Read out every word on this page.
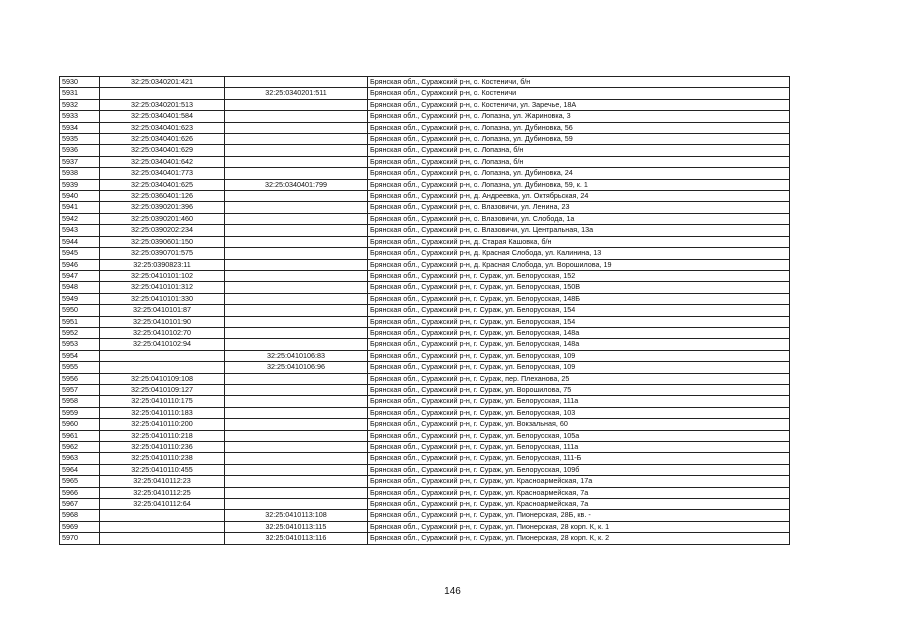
5930	32:25:0340201:421		Брянская обл., Суражский р-н, с. Костеничи, б/н
5931		32:25:0340201:511	Брянская обл., Суражский р-н, с. Костеничи
5932	32:25:0340201:513		Брянская обл., Суражский р-н, с. Костеничи, ул. Заречье, 18А
5933	32:25:0340401:584		Брянская обл., Суражский р-н, с. Лопазна, ул. Жариновка, 3
5934	32:25:0340401:623		Брянская обл., Суражский р-н, с. Лопазна, ул. Дубиновка, 56
5935	32:25:0340401:626		Брянская обл., Суражский р-н, с. Лопазна, ул. Дубиновка, 59
5936	32:25:0340401:629		Брянская обл., Суражский р-н, с. Лопазна, б/н
5937	32:25:0340401:642		Брянская обл., Суражский р-н, с. Лопазна, б/н
5938	32:25:0340401:773		Брянская обл., Суражский р-н, с. Лопазна, ул. Дубиновка, 24
5939	32:25:0340401:625	32:25:0340401:799	Брянская обл., Суражский р-н, с. Лопазна, ул. Дубиновка, 59, к. 1
5940	32:25:0360401:126		Брянская обл., Суражский р-н, д. Андреевка, ул. Октябрьская, 24
5941	32:25:0390201:396		Брянская обл., Суражский р-н, с. Влазовичи, ул. Ленина, 23
5942	32:25:0390201:460		Брянская обл., Суражский р-н, с. Влазовичи, ул. Слобода, 1а
5943	32:25:0390202:234		Брянская обл., Суражский р-н, с. Влазовичи, ул. Центральная, 13а
5944	32:25:0390601:150		Брянская обл., Суражский р-н, д. Старая Кашовка, б/н
5945	32:25:0390701:575		Брянская обл., Суражский р-н, д. Красная Слобода, ул. Калинина, 13
5946	32:25:0390823:11		Брянская обл., Суражский р-н, д. Красная Слобода, ул. Ворошилова, 19
5947	32:25:0410101:102		Брянская обл., Суражский р-н, г. Сураж, ул. Белорусская, 152
5948	32:25:0410101:312		Брянская обл., Суражский р-н, г. Сураж, ул. Белорусская, 150В
5949	32:25:0410101:330		Брянская обл., Суражский р-н, г. Сураж, ул. Белорусская, 148Б
5950	32:25:0410101:87		Брянская обл., Суражский р-н, г. Сураж, ул. Белорусская, 154
5951	32:25:0410101:90		Брянская обл., Суражский р-н, г. Сураж, ул. Белорусская, 154
5952	32:25:0410102:70		Брянская обл., Суражский р-н, г. Сураж, ул. Белорусская, 148а
5953	32:25:0410102:94		Брянская обл., Суражский р-н, г. Сураж, ул. Белорусская, 148а
5954		32:25:0410106:83	Брянская обл., Суражский р-н, г. Сураж, ул. Белорусская, 109
5955		32:25:0410106:96	Брянская обл., Суражский р-н, г. Сураж, ул. Белорусская, 109
5956	32:25:0410109:108		Брянская обл., Суражский р-н, г. Сураж, пер. Плеханова, 25
5957	32:25:0410109:127		Брянская обл., Суражский р-н, г. Сураж, ул. Ворошилова, 75
5958	32:25:0410110:175		Брянская обл., Суражский р-н, г. Сураж, ул. Белорусская, 111а
5959	32:25:0410110:183		Брянская обл., Суражский р-н, г. Сураж, ул. Белорусская, 103
5960	32:25:0410110:200		Брянская обл., Суражский р-н, г. Сураж, ул. Вокзальная, 60
5961	32:25:0410110:218		Брянская обл., Суражский р-н, г. Сураж, ул. Белорусская, 105а
5962	32:25:0410110:236		Брянская обл., Суражский р-н, г. Сураж, ул. Белорусская, 111а
5963	32:25:0410110:238		Брянская обл., Суражский р-н, г. Сураж, ул. Белорусская, 111-Б
5964	32:25:0410110:455		Брянская обл., Суражский р-н, г. Сураж, ул. Белорусская, 109б
5965	32:25:0410112:23		Брянская обл., Суражский р-н, г. Сураж, ул. Красноармейская, 17а
5966	32:25:0410112:25		Брянская обл., Суражский р-н, г. Сураж, ул. Красноармейская, 7а
5967	32:25:0410112:64		Брянская обл., Суражский р-н, г. Сураж, ул. Красноармейская, 7а
5968		32:25:0410113:108	Брянская обл., Суражский р-н, г. Сураж, ул. Пионерская, 28Б, кв. -
5969		32:25:0410113:115	Брянская обл., Суражский р-н, г. Сураж, ул. Пионерская, 28 корп. К, к. 1
5970		32:25:0410113:116	Брянская обл., Суражский р-н, г. Сураж, ул. Пионерская, 28 корп. К, к. 2
146
